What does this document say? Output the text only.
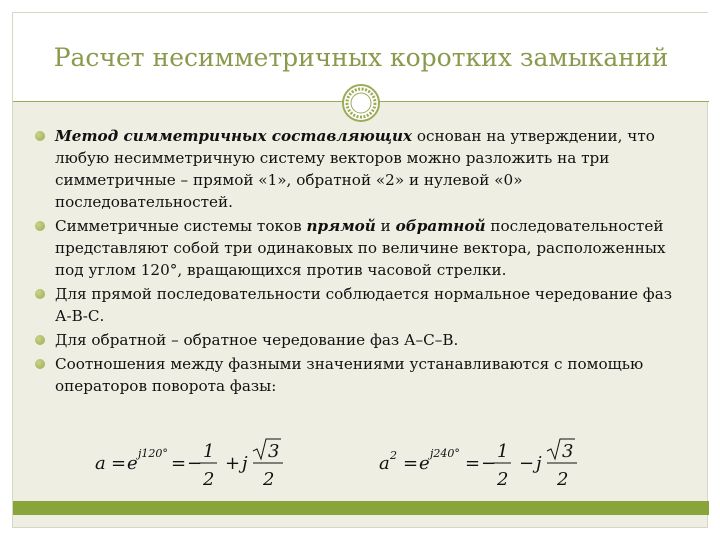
Расчет несимметричных коротких замыканий
Метод симметричных составляющих основан на утверждении, что любую несимметричную систему векторов можно разложить на три симметричные – прямой «1», обратной «2» и нулевой «0» последовательностей.
Симметричные системы токов прямой и обратной последовательностей представляют собой три одинаковых по величине вектора, расположенных под углом 120°, вращающихся против часовой стрелки.
Для прямой последовательности соблюдается нормальное чередование фаз А-В-С.
Для обратной – обратное чередование фаз А–С–В.
Соотношения между фазными значениями устанавливаются с помощью операторов поворота фазы:
a = e j120° = −
1
2
+ j
3
2
a 2 = e j240° = −
1
2
− j
3
2
